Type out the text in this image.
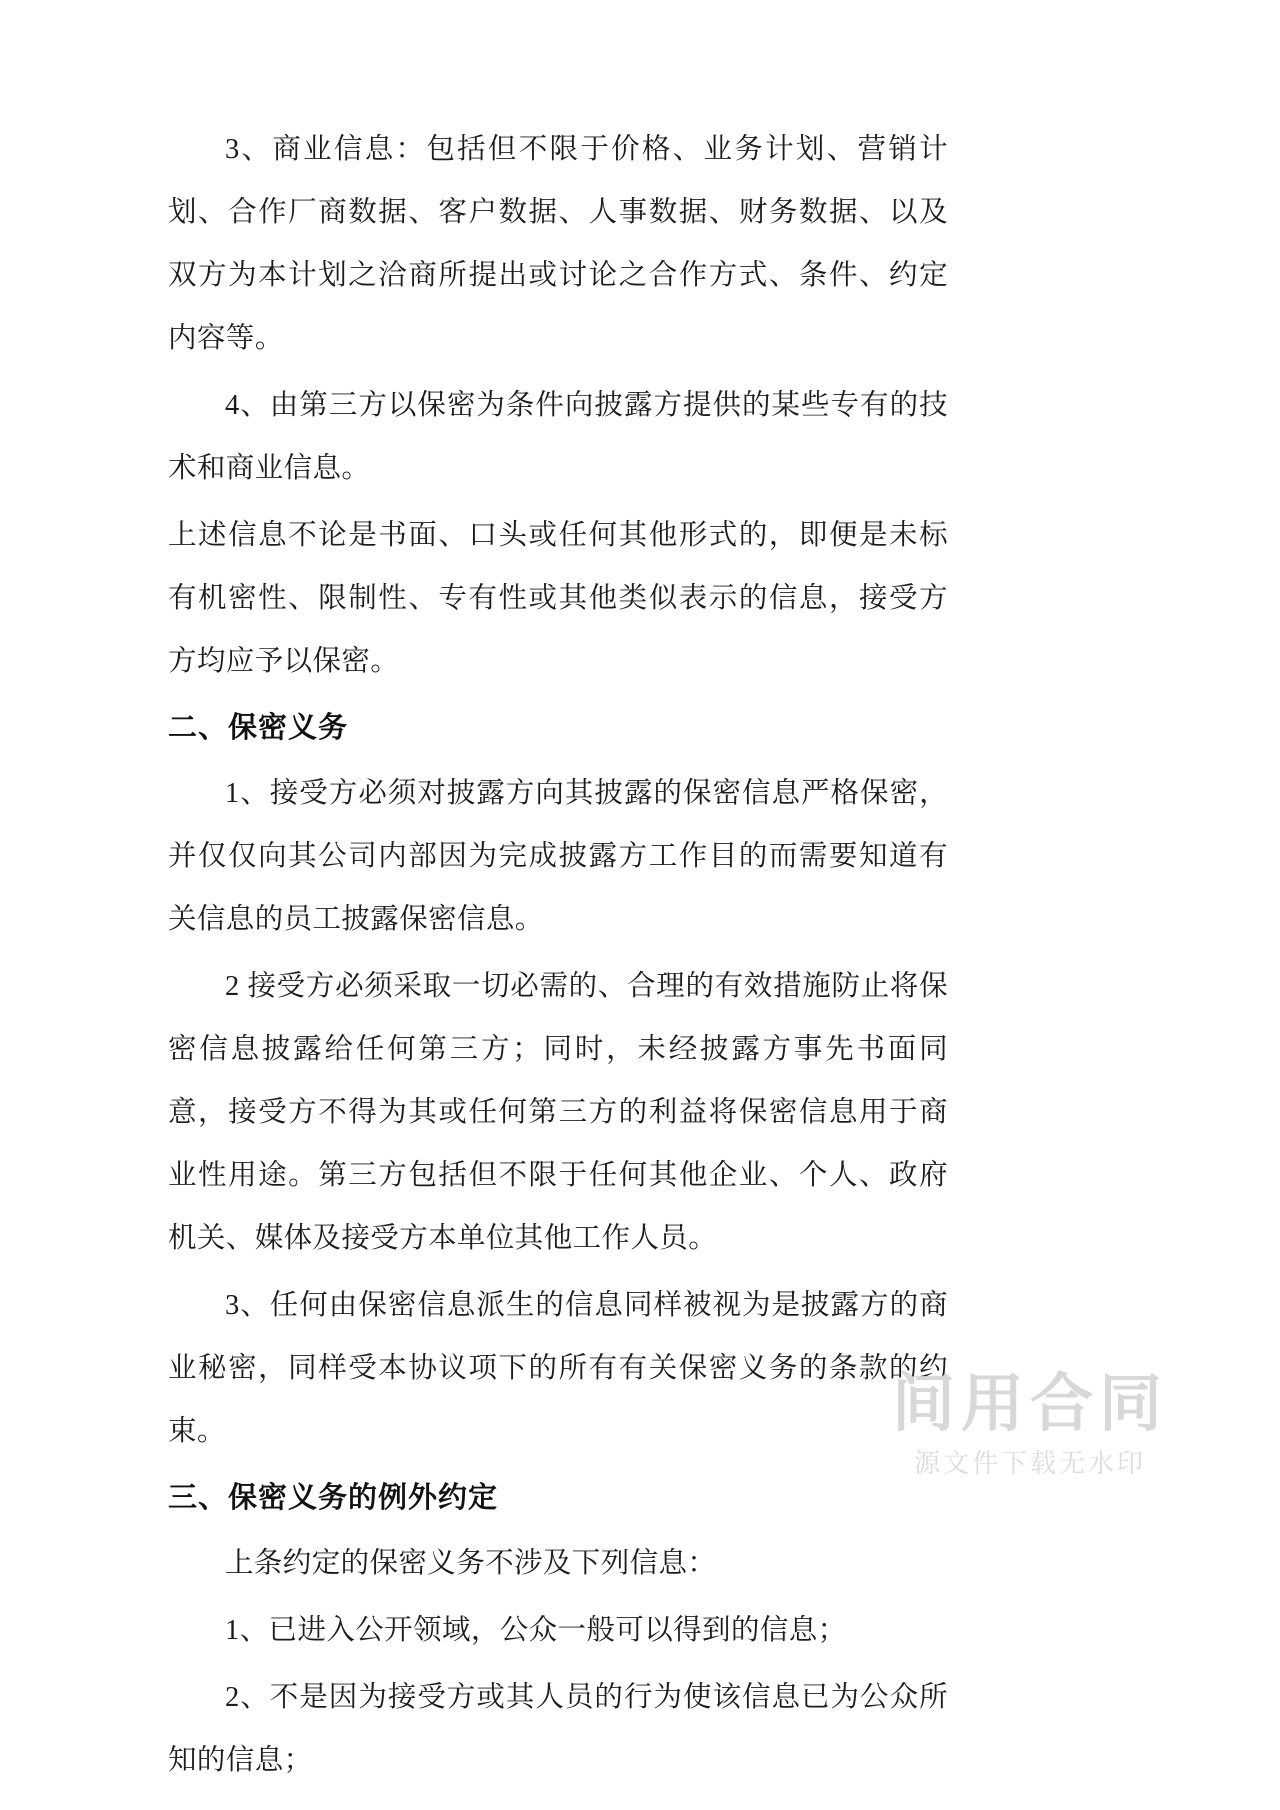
3、商业信息：包括但不限于价格、业务计划、营销计划、合作厂商数据、客户数据、人事数据、财务数据、以及双方为本计划之洽商所提出或讨论之合作方式、条件、约定内容等。

4、由第三方以保密为条件向披露方提供的某些专有的技术和商业信息。

上述信息不论是书面、口头或任何其他形式的，即便是未标有机密性、限制性、专有性或其他类似表示的信息，接受方方均应予以保密。

二、保密义务

1、接受方必须对披露方向其披露的保密信息严格保密，并仅仅向其公司内部因为完成披露方工作目的而需要知道有关信息的员工披露保密信息。

2 接受方必须采取一切必需的、合理的有效措施防止将保密信息披露给任何第三方；同时，未经披露方事先书面同意，接受方不得为其或任何第三方的利益将保密信息用于商业性用途。第三方包括但不限于任何其他企业、个人、政府机关、媒体及接受方本单位其他工作人员。

3、任何由保密信息派生的信息同样被视为是披露方的商业秘密，同样受本协议项下的所有有关保密义务的条款的约束。

三、保密义务的例外约定

上条约定的保密义务不涉及下列信息：

1、已进入公开领域，公众一般可以得到的信息；

2、不是因为接受方或其人员的行为使该信息已为公众所知的信息；

间用合同
源文件下载无水印
